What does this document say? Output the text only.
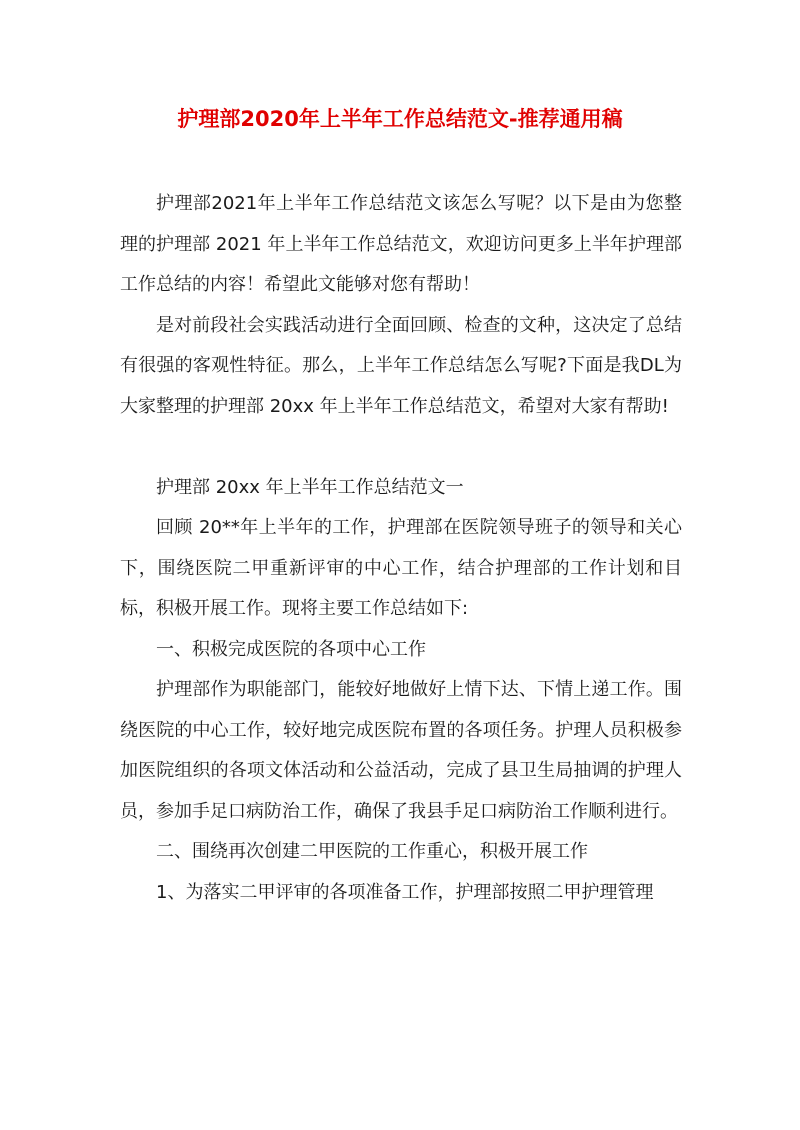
护理部2020年上半年工作总结范文-推荐通用稿

护理部2021年上半年工作总结范文该怎么写呢？以下是由为您整理的护理部 2021 年上半年工作总结范文，欢迎访问更多上半年护理部工作总结的内容！希望此文能够对您有帮助！

是对前段社会实践活动进行全面回顾、检查的文种，这决定了总结有很强的客观性特征。那么，上半年工作总结怎么写呢?下面是我DL为大家整理的护理部 20xx 年上半年工作总结范文，希望对大家有帮助!

护理部 20xx 年上半年工作总结范文一

回顾 20**年上半年的工作，护理部在医院领导班子的领导和关心下，围绕医院二甲重新评审的中心工作，结合护理部的工作计划和目标，积极开展工作。现将主要工作总结如下:

一、积极完成医院的各项中心工作

护理部作为职能部门，能较好地做好上情下达、下情上递工作。围绕医院的中心工作，较好地完成医院布置的各项任务。护理人员积极参加医院组织的各项文体活动和公益活动，完成了县卫生局抽调的护理人员，参加手足口病防治工作，确保了我县手足口病防治工作顺利进行。

二、围绕再次创建二甲医院的工作重心，积极开展工作

1、为落实二甲评审的各项准备工作，护理部按照二甲护理管理
